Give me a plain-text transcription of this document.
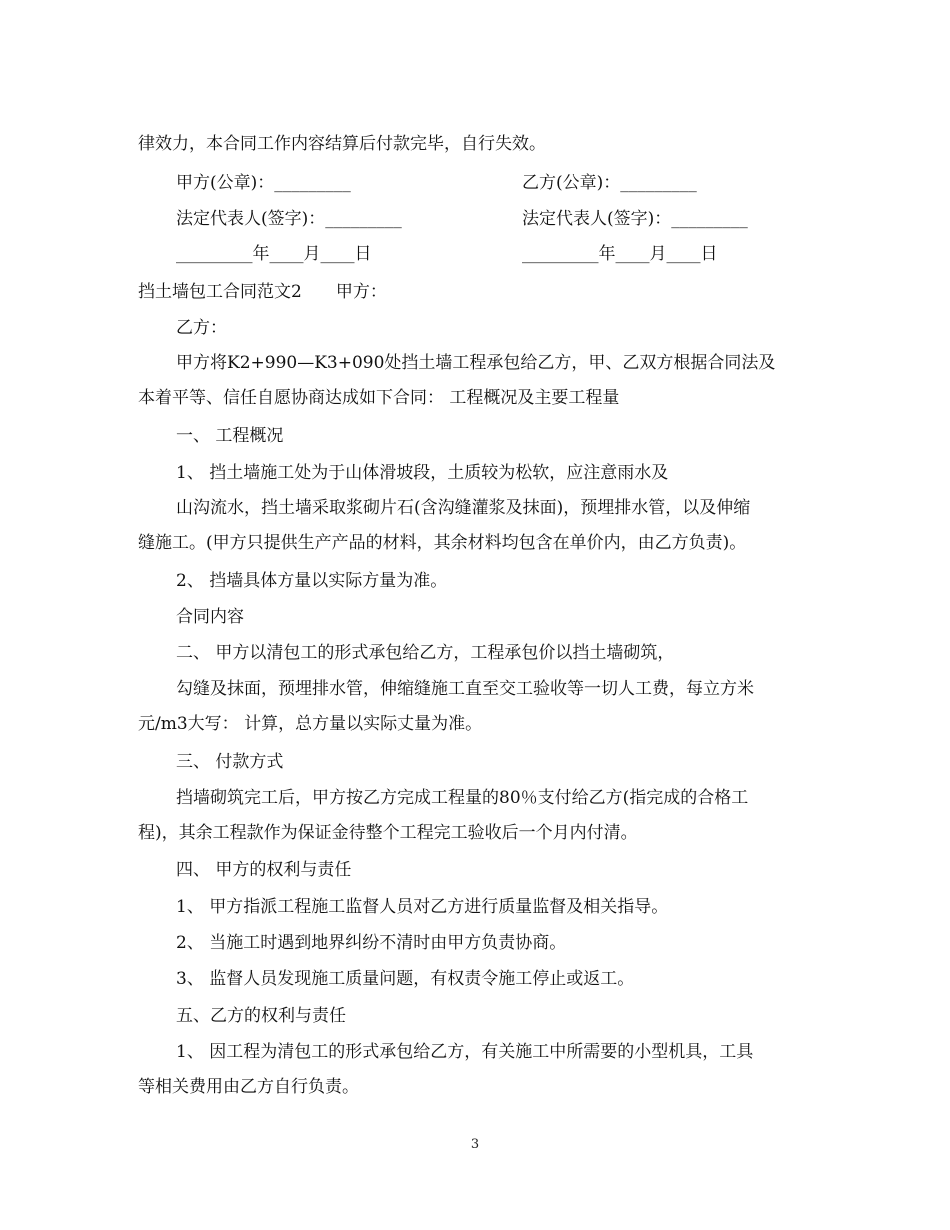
律效力，本合同工作内容结算后付款完毕，自行失效。
甲方(公章)：_________	乙方(公章)：_________
法定代表人(签字)：_________	法定代表人(签字)：_________
_________年____月____日	_________年____月____日
挡土墙包工合同范文2　　甲方：
乙方：
甲方将K2+990—K3+090处挡土墙工程承包给乙方，甲、乙双方根据合同法及
本着平等、信任自愿协商达成如下合同： 工程概况及主要工程量
一、 工程概况
1、 挡土墙施工处为于山体滑坡段，土质较为松软，应注意雨水及
山沟流水，挡土墙采取浆砌片石(含沟缝灌浆及抹面)，预埋排水管，以及伸缩
缝施工。(甲方只提供生产产品的材料，其余材料均包含在单价内，由乙方负责)。
2、 挡墙具体方量以实际方量为准。
合同内容
二、 甲方以清包工的形式承包给乙方，工程承包价以挡土墙砌筑，
勾缝及抹面，预埋排水管，伸缩缝施工直至交工验收等一切人工费，每立方米
元/m3大写： 计算，总方量以实际丈量为准。
三、 付款方式
挡墙砌筑完工后，甲方按乙方完成工程量的80％支付给乙方(指完成的合格工
程)，其余工程款作为保证金待整个工程完工验收后一个月内付清。
四、 甲方的权利与责任
1、 甲方指派工程施工监督人员对乙方进行质量监督及相关指导。
2、 当施工时遇到地界纠纷不清时由甲方负责协商。
3、 监督人员发现施工质量问题，有权责令施工停止或返工。
五、乙方的权利与责任
1、 因工程为清包工的形式承包给乙方，有关施工中所需要的小型机具，工具
等相关费用由乙方自行负责。
3
